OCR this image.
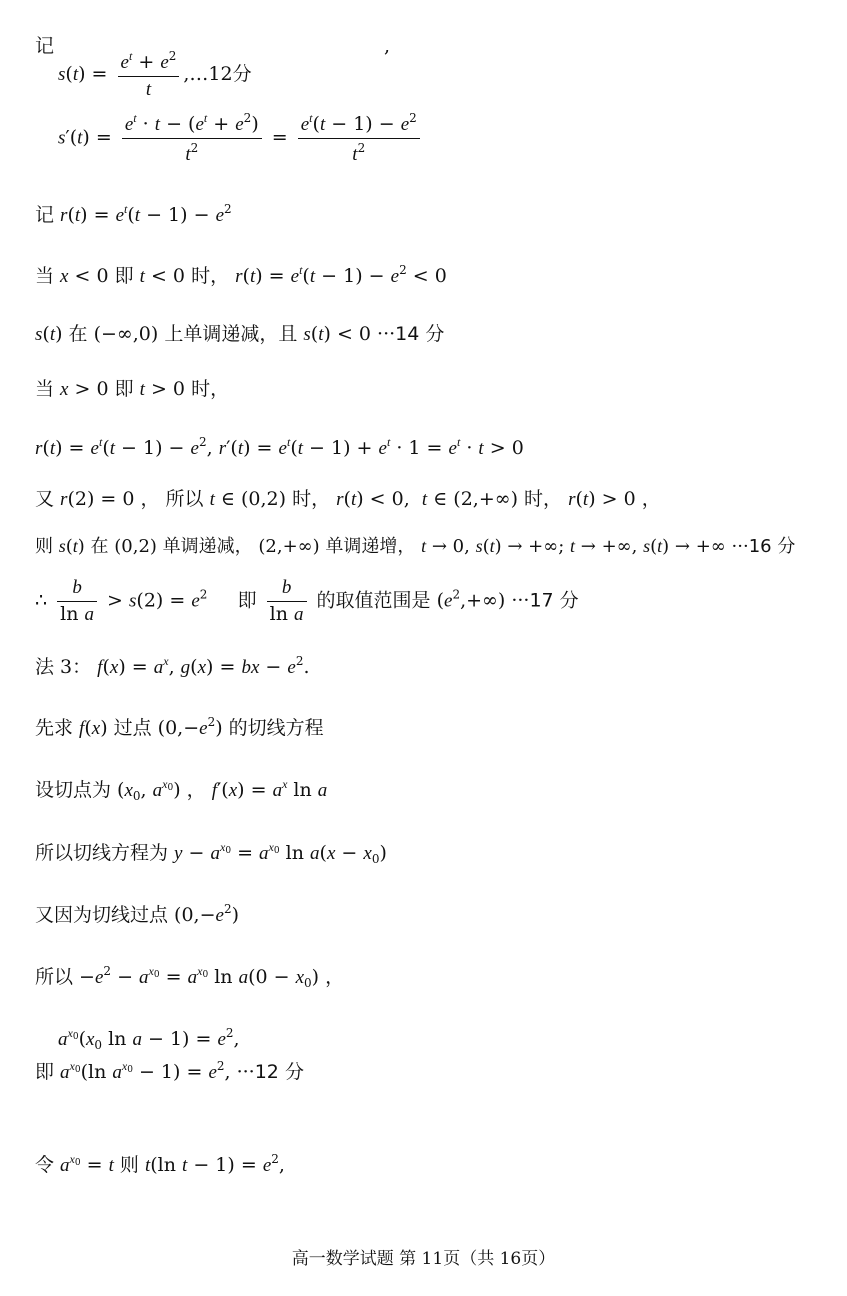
记	,
$s(t) = \frac{e^t + e^2}{t}$ ,…12分
$s'(t) = \frac{e^t \cdot t - (e^t + e^2)}{t^2} = \frac{e^t(t - 1) - e^2}{t^2}$
记 $r(t) = e^t(t - 1) - e^2$
当 x < 0 即 t < 0 时， $r(t) = e^t(t - 1) - e^2 < 0$
s(t) 在 (−∞,0) 上单调递减，且 s(t) < 0 ···14 分
当 x > 0 即 t > 0 时，
$r(t) = e^t(t - 1) - e^2$, $r'(t) = e^t(t - 1) + e^t \cdot 1 = e^t \cdot t > 0$
又 r(2) = 0 ， 所以 t ∈ (0,2) 时， r(t) < 0,  t ∈ (2,+∞) 时， r(t) > 0 ，
则 s(t) 在 (0,2) 单调递减， (2,+∞) 单调递增， t → 0, s(t) → +∞; t → +∞, s(t) → +∞ ···16 分
∴ $\frac{b}{\text{ln a}} > s(2) = e^2$     即 $\frac{b}{\text{ln a}}$ 的取值范围是 $(e^2,+\infty) \cdot\cdot\cdot 17$ 分
法 3： $f(x) = a^x$, g(x) = bx − $e^2$.
先求 f(x) 过点 $(0,-e^2)$ 的切线方程
设切点为 ($x_0$, $a^{x_0}$) ， $f'(x) = a^x$ ln a
所以切线方程为 $y - a^{x_0} = a^{x_0}$ $\ln a(x - x_0)$
又因为切线过点 $(0,-e^2)$
所以 $-e^2 - a^{x_0} = a^{x_0}$ $\ln a(0 - x_0)$ ，
$a^{x_0}(x_0$ $\ln a - 1) = e^2$,
即 $a^{x_0}(\ln$ $a^{x_0} - 1) = e^2$, ···12 分
令 $a^{x_0} = t$ 则 t(ln $t - 1) = e^2$,
高一数学试题 第 11页（共 16页）
